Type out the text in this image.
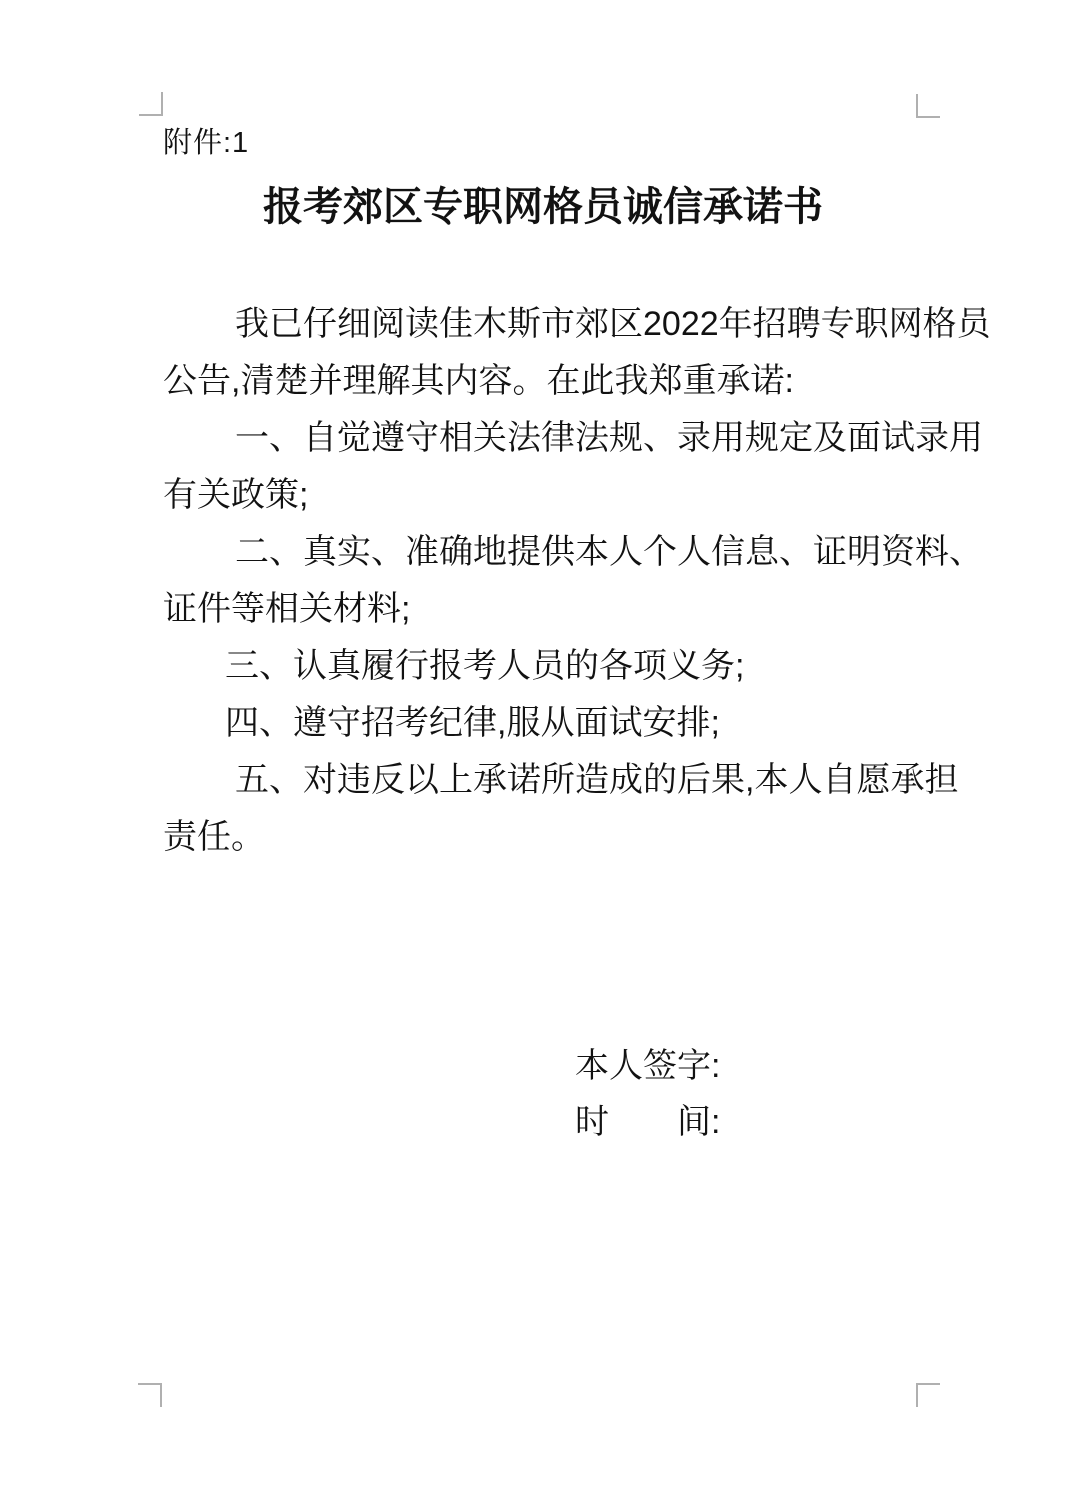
附件:1
报考郊区专职网格员诚信承诺书
我已仔细阅读佳木斯市郊区2022年招聘专职网格员
公告,清楚并理解其内容。在此我郑重承诺:
一、自觉遵守相关法律法规、录用规定及面试录用
有关政策;
二、真实、准确地提供本人个人信息、证明资料、
证件等相关材料;
三、认真履行报考人员的各项义务;
四、遵守招考纪律,服从面试安排;
五、对违反以上承诺所造成的后果,本人自愿承担
责任。
本人签字:
时　　间:
